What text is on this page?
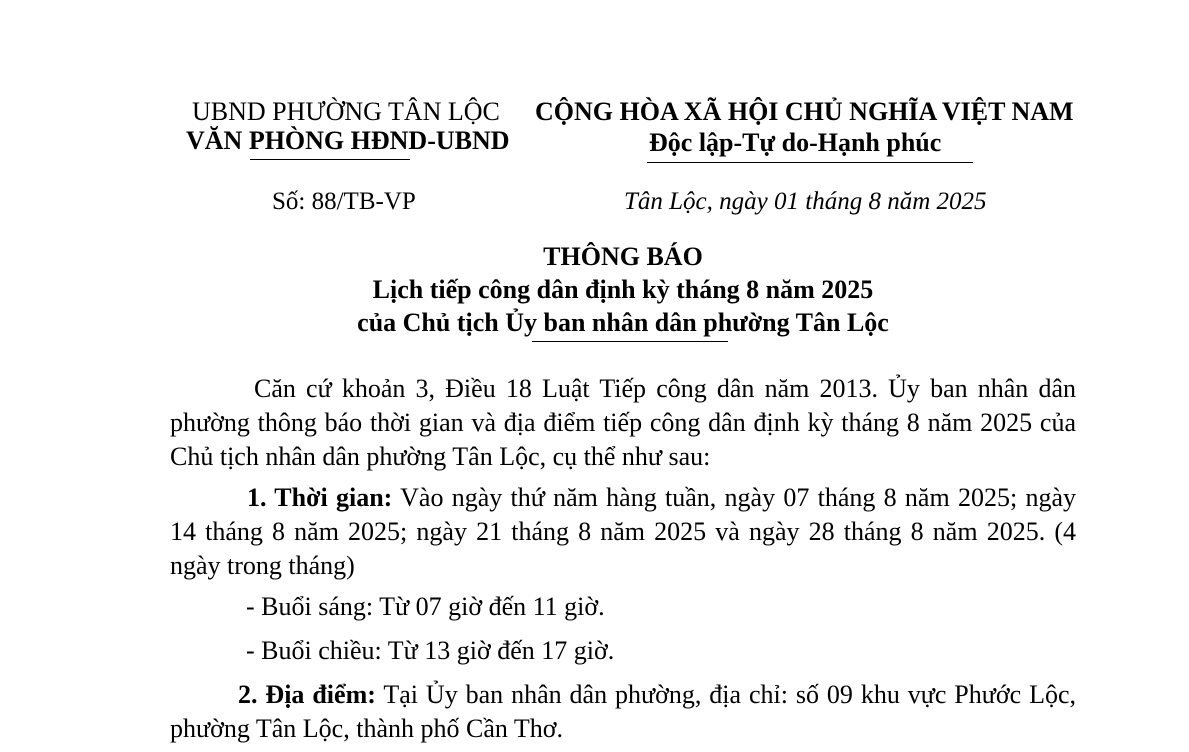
UBND PHƯỜNG TÂN LỘC
VĂN PHÒNG HĐND-UBND
CỘNG HÒA XÃ HỘI CHỦ NGHĨA VIỆT NAM
Độc lập-Tự do-Hạnh phúc
Số: 88/TB-VP	Tân Lộc, ngày 01 tháng 8 năm 2025
THÔNG BÁO
Lịch tiếp công dân định kỳ tháng 8 năm 2025
của Chủ tịch Ủy ban nhân dân phường Tân Lộc
Căn cứ khoản 3, Điều 18 Luật Tiếp công dân năm 2013. Ủy ban nhân dân phường thông báo thời gian và địa điểm tiếp công dân định kỳ tháng 8 năm 2025 của Chủ tịch nhân dân phường Tân Lộc, cụ thể như sau:
1. Thời gian: Vào ngày thứ năm hàng tuần, ngày 07 tháng 8 năm 2025; ngày 14 tháng 8 năm 2025; ngày 21 tháng 8 năm 2025 và ngày 28 tháng 8 năm 2025. (4 ngày trong tháng)
- Buổi sáng: Từ 07 giờ đến 11 giờ.
- Buổi chiều: Từ 13 giờ đến 17 giờ.
2. Địa điểm: Tại Ủy ban nhân dân phường, địa chỉ: số 09 khu vực Phước Lộc, phường Tân Lộc, thành phố Cần Thơ.
